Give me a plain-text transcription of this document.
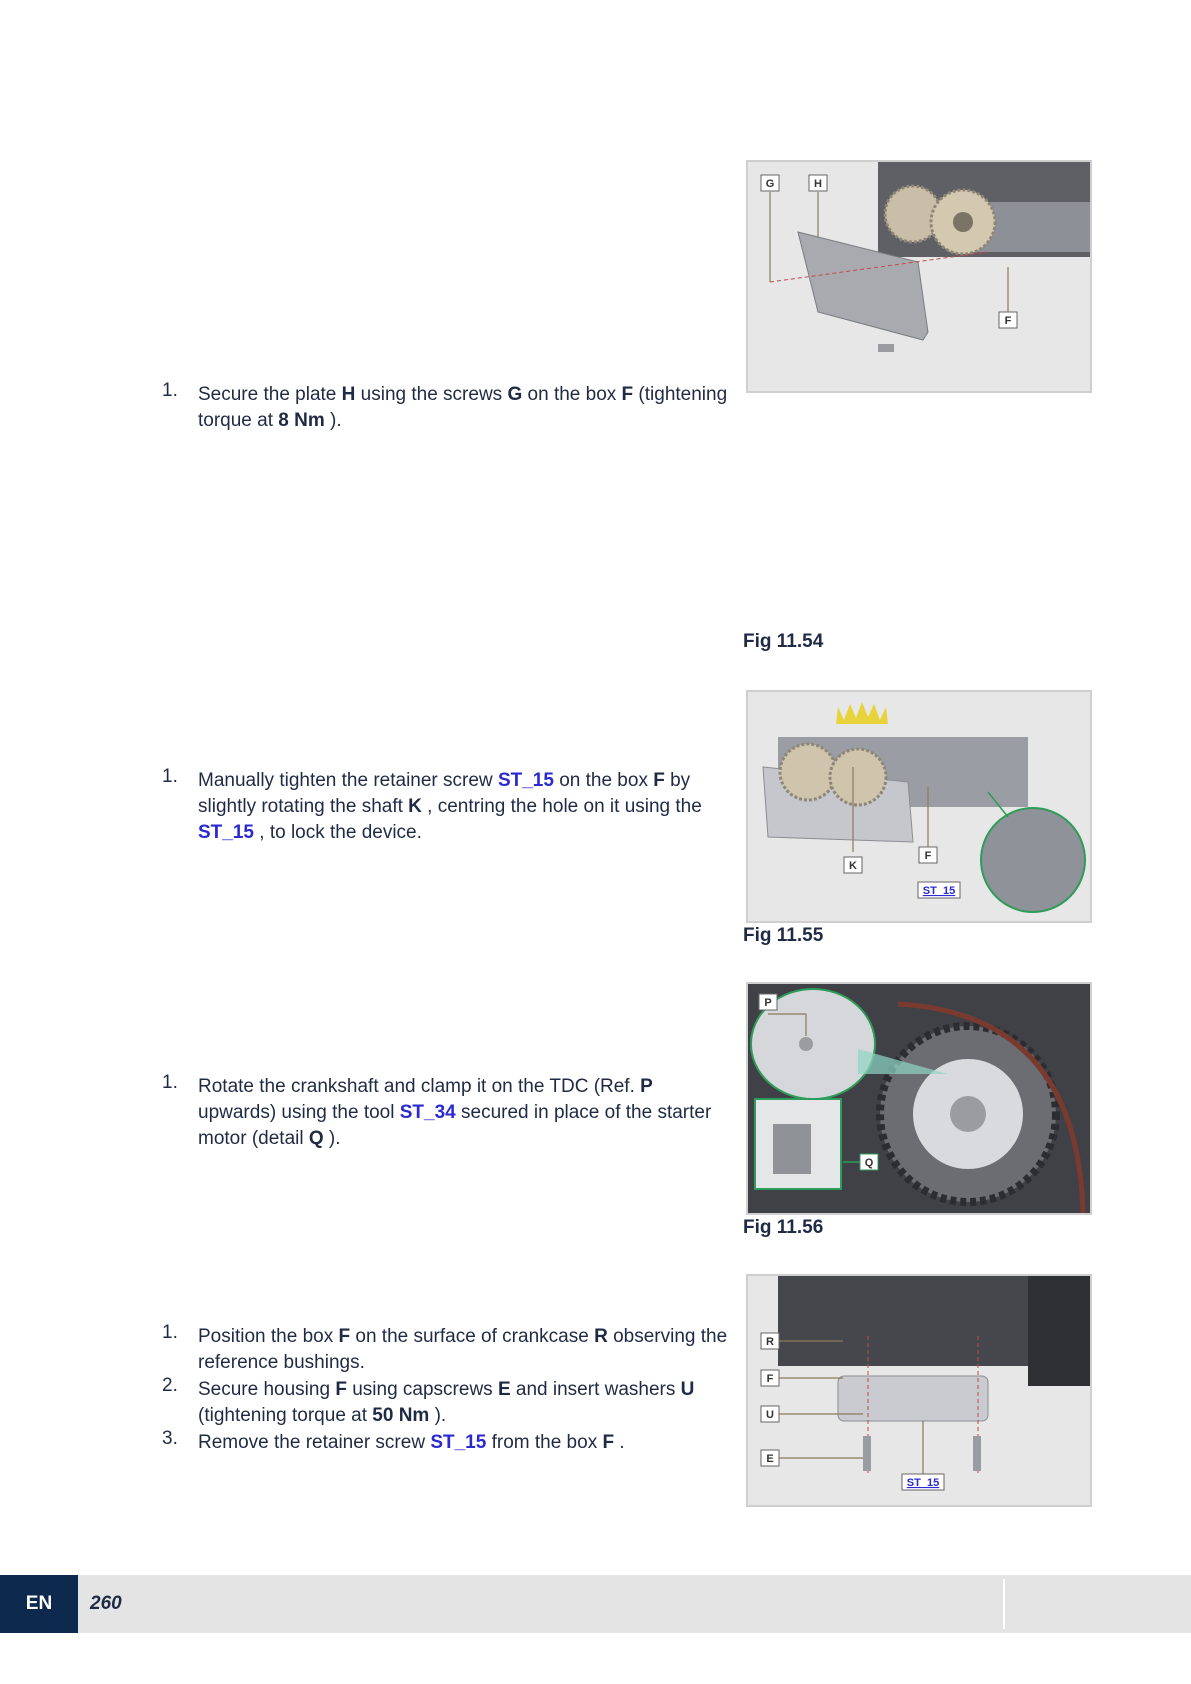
1. Secure the plate H using the screws G on the box F (tightening torque at 8 Nm ).
G	H
F
Fig 11.54
1. Manually tighten the retainer screw ST_15 on the box F by slightly rotating the shaft K , centring the hole on it using the ST_15 , to lock the device.
K
F
ST_15
Fig 11.55
1. Rotate the crankshaft and clamp it on the TDC (Ref. P upwards) using the tool ST_34 secured in place of the starter motor (detail Q ).
P
Q
Fig 11.56
1. Position the box F on the surface of crankcase R observing the reference bushings.
2. Secure housing F using capscrews E and insert washers U (tightening torque at 50 Nm ).
3. Remove the retainer screw ST_15 from the box F .
R
F
U
E
ST_15
EN	260
